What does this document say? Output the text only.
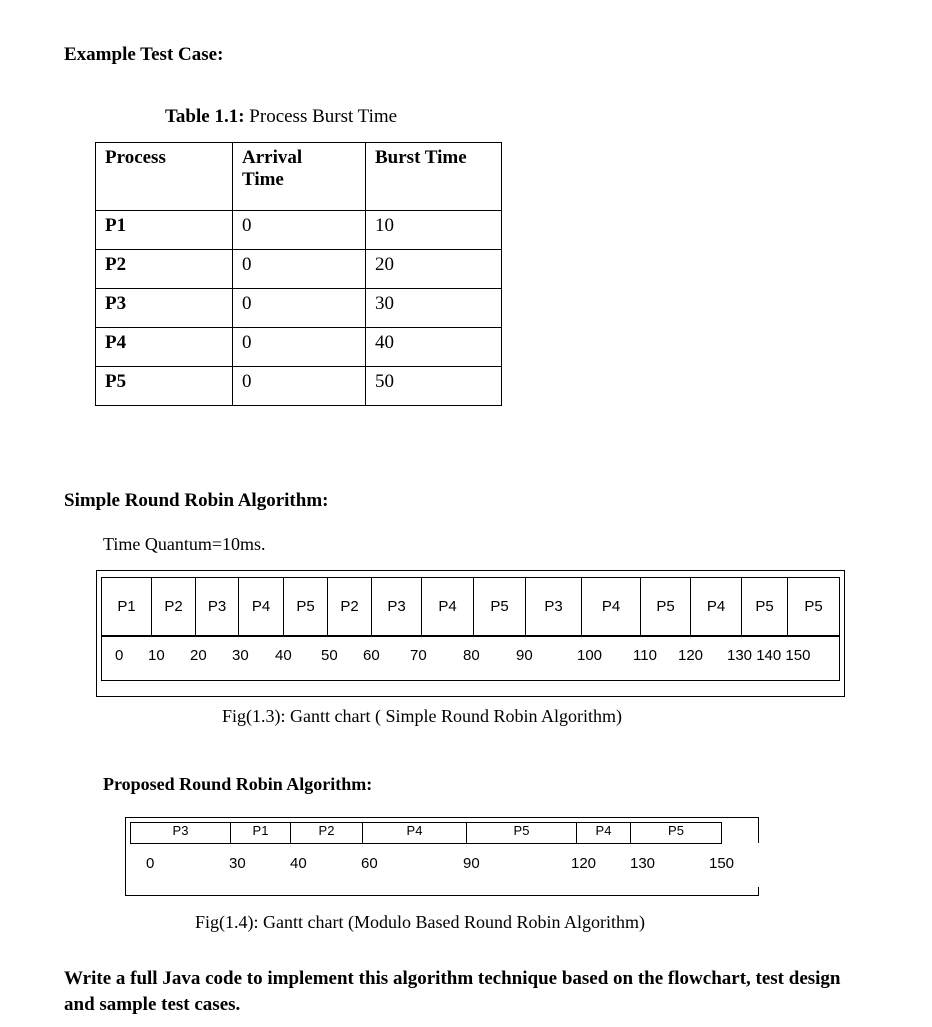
Example Test Case:
Table 1.1: Process Burst Time
Process	Arrival Time	Burst Time
P1	0	10
P2	0	20
P3	0	30
P4	0	40
P5	0	50
Simple Round Robin Algorithm:
Time Quantum=10ms.
P1	P2	P3	P4	P5	P2	P3	P4	P5	P3	P4	P5	P4	P5	P5
0 10 20 30 40 50 60 70 80 90	100 110 120 130 140 150
Fig(1.3): Gantt chart ( Simple Round Robin Algorithm)
Proposed Round Robin Algorithm:
P3	P1	P2	P4	P5	P4	P5
0	30	40	60	90	120 130	150
Fig(1.4): Gantt chart (Modulo Based Round Robin Algorithm)
Write a full Java code to implement this algorithm technique based on the flowchart, test design and sample test cases.
